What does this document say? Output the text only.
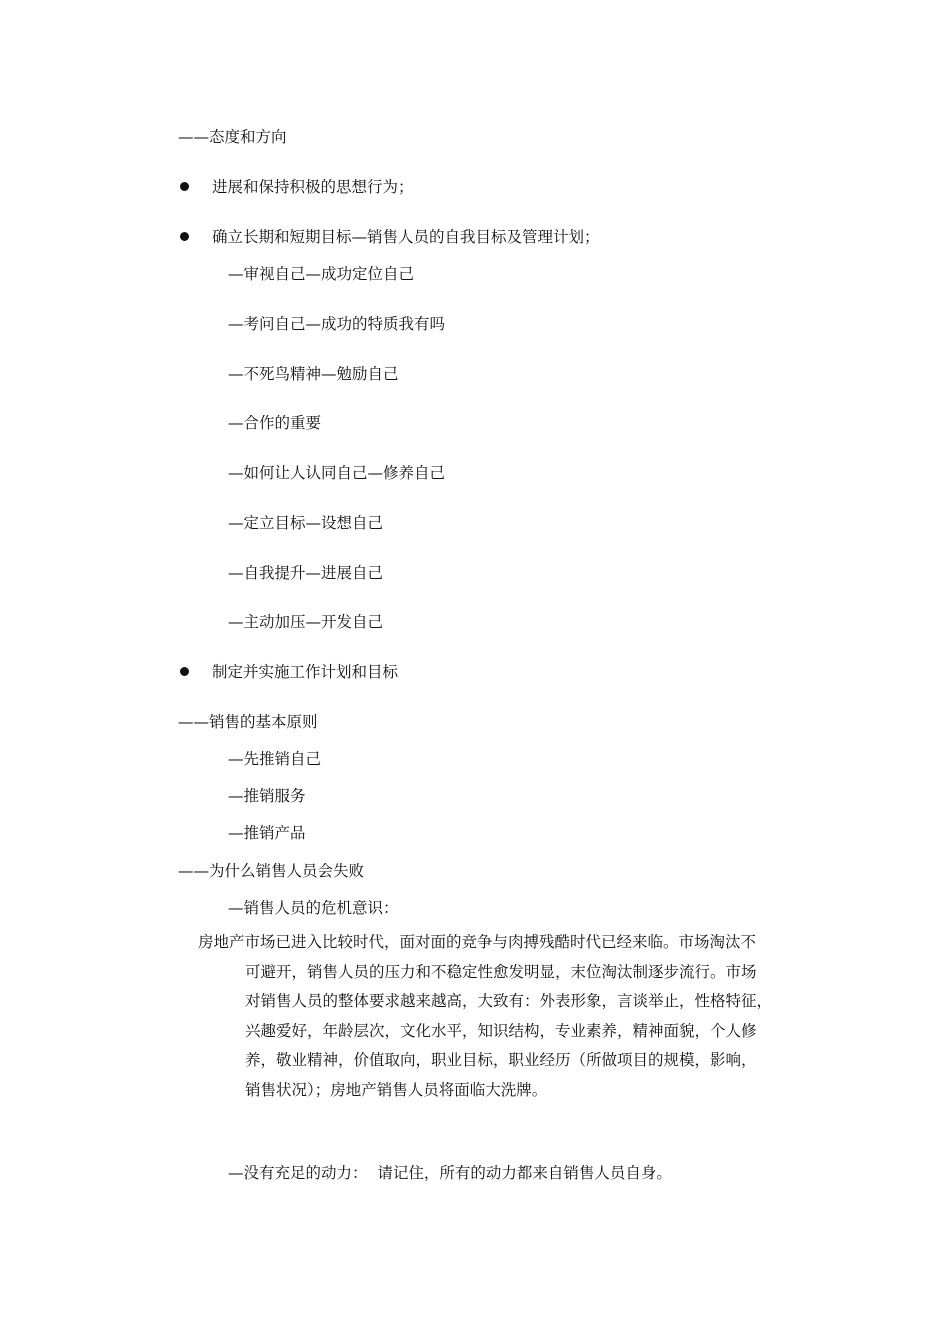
——态度和方向

进展和保持积极的思想行为；

确立长期和短期目标—销售人员的自我目标及管理计划；

—审视自己—成功定位自己

—考问自己—成功的特质我有吗

—不死鸟精神—勉励自己

—合作的重要

—如何让人认同自己—修养自己

—定立目标—设想自己

—自我提升—进展自己

—主动加压—开发自己

制定并实施工作计划和目标

——销售的基本原则

—先推销自己

—推销服务

—推销产品

——为什么销售人员会失败

—销售人员的危机意识：

房地产市场已进入比较时代，面对面的竞争与肉搏残酷时代已经来临。市场淘汰不
可避开，销售人员的压力和不稳定性愈发明显，末位淘汰制逐步流行。市场
对销售人员的整体要求越来越高，大致有：外表形象，言谈举止，性格特征，
兴趣爱好，年龄层次，文化水平，知识结构，专业素养，精神面貌，个人修
养，敬业精神，价值取向，职业目标，职业经历（所做项目的规模，影响，
销售状况）；房地产销售人员将面临大洗牌。

—没有充足的动力：  请记住，所有的动力都来自销售人员自身。
